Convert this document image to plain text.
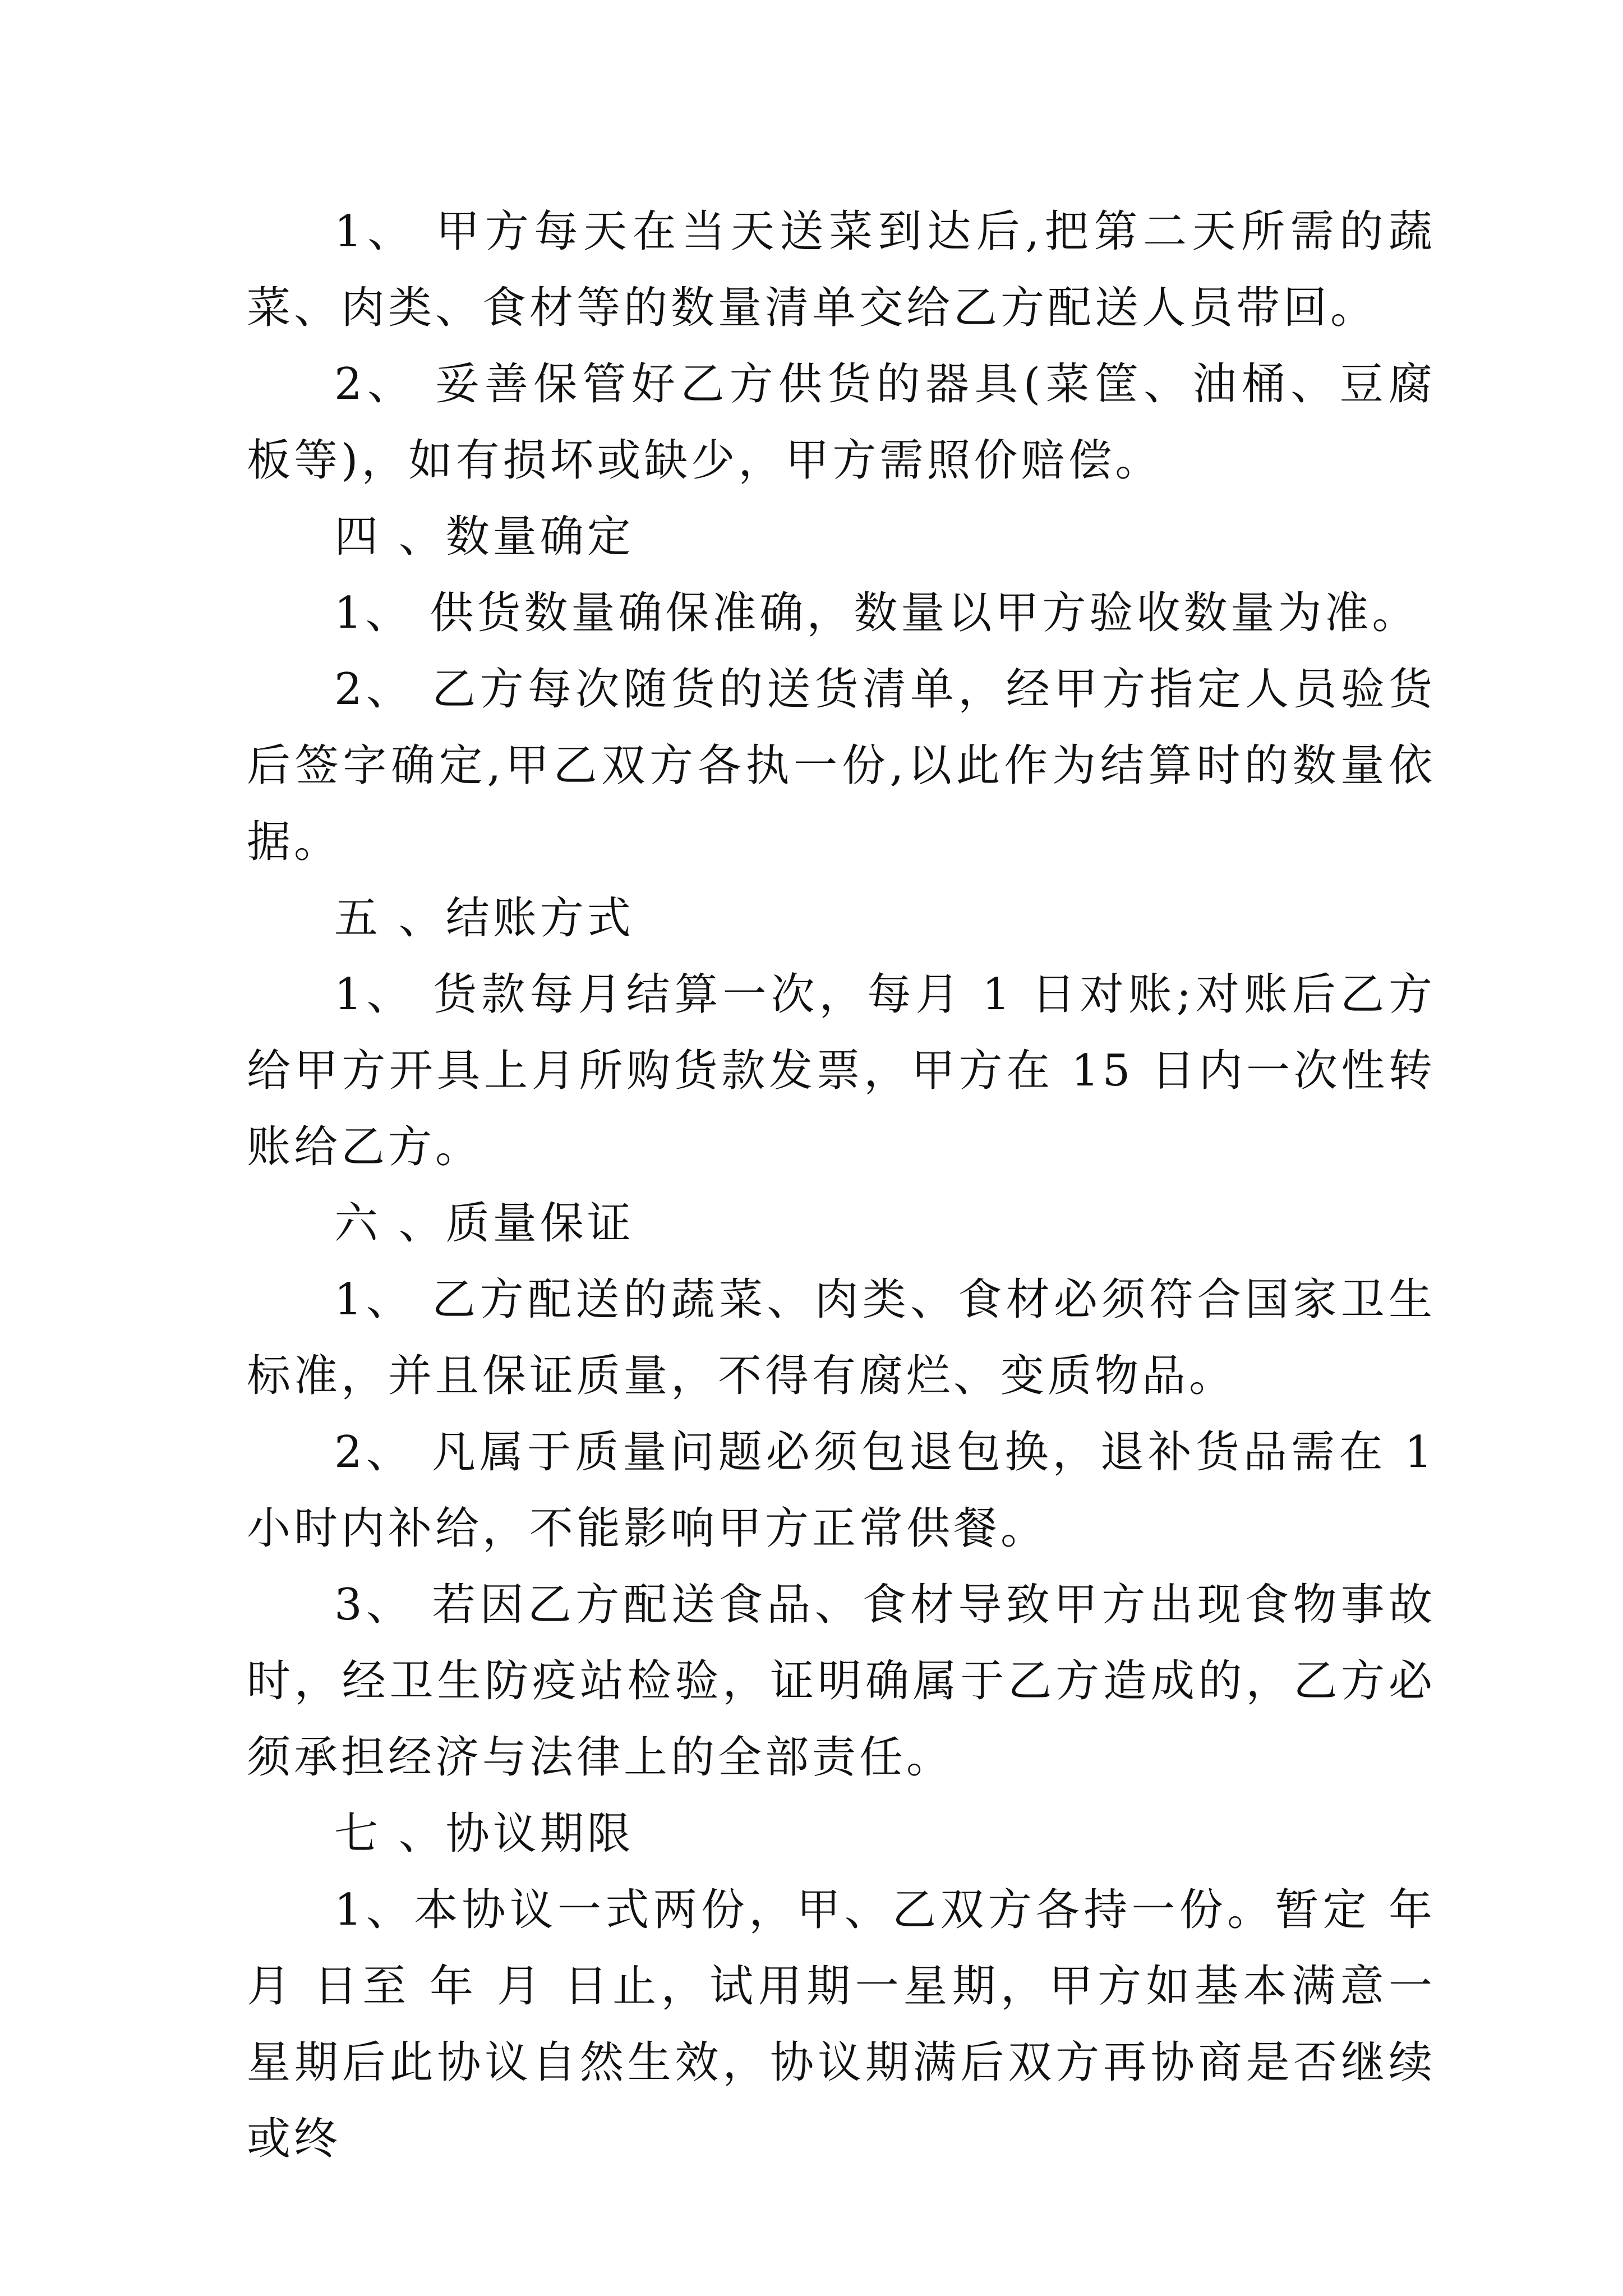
1、 甲方每天在当天送菜到达后,把第二天所需的蔬菜、肉类、食材等的数量清单交给乙方配送人员带回。

2、 妥善保管好乙方供货的器具(菜筐、油桶、豆腐板等)，如有损坏或缺少，甲方需照价赔偿。

四 、数量确定

1、 供货数量确保准确，数量以甲方验收数量为准。

2、 乙方每次随货的送货清单，经甲方指定人员验货后签字确定,甲乙双方各执一份,以此作为结算时的数量依据。

五 、结账方式

1、 货款每月结算一次，每月 1 日对账;对账后乙方给甲方开具上月所购货款发票，甲方在 15 日内一次性转账给乙方。

六 、质量保证

1、 乙方配送的蔬菜、肉类、食材必须符合国家卫生标准，并且保证质量，不得有腐烂、变质物品。

2、 凡属于质量问题必须包退包换，退补货品需在 1 小时内补给，不能影响甲方正常供餐。

3、 若因乙方配送食品、食材导致甲方出现食物事故时，经卫生防疫站检验，证明确属于乙方造成的，乙方必须承担经济与法律上的全部责任。

七 、协议期限

1、本协议一式两份，甲、乙双方各持一份。暂定 年 月 日至 年 月 日止，试用期一星期，甲方如基本满意一星期后此协议自然生效，协议期满后双方再协商是否继续或终
